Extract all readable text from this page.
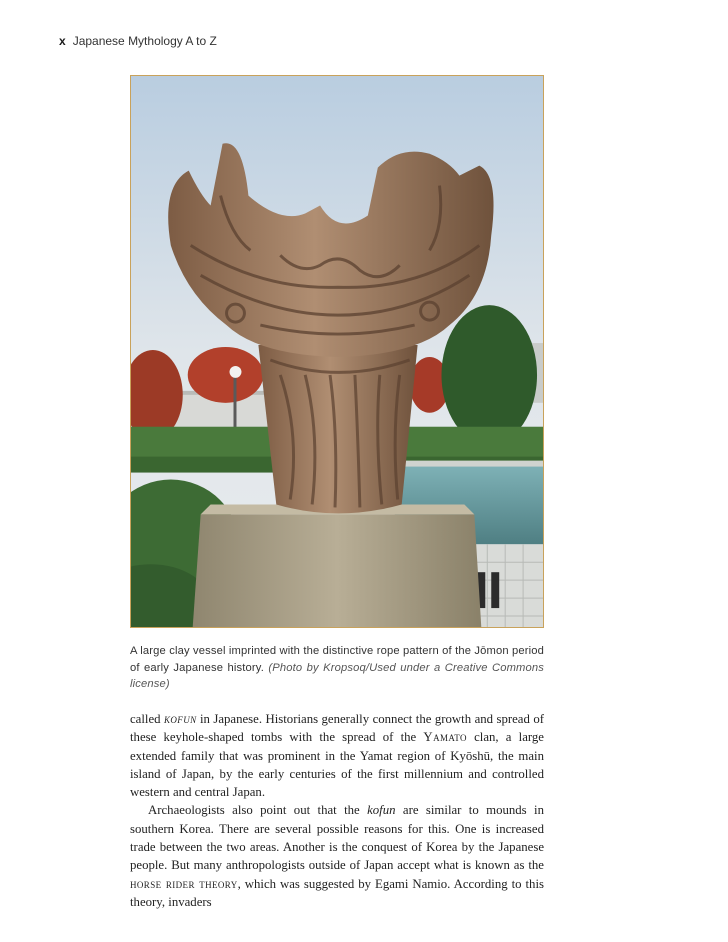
x Japanese Mythology A to Z
A large clay vessel imprinted with the distinctive rope pattern of the Jōmon period of early Japanese history. (Photo by Kropsoq/Used under a Creative Commons license)

called kofun in Japanese. Historians generally connect the growth and spread of these keyhole-shaped tombs with the spread of the Yamato clan, a large extended family that was prominent in the Yamat region of Kyōshū, the main island of Japan, by the early centuries of the first millennium and controlled western and central Japan.

Archaeologists also point out that the kofun are similar to mounds in southern Korea. There are several possible reasons for this. One is increased trade between the two areas. Another is the conquest of Korea by the Japanese people. But many anthropologists outside of Japan accept what is known as the horse rider theory, which was suggested by Egami Namio. According to this theory, invaders
